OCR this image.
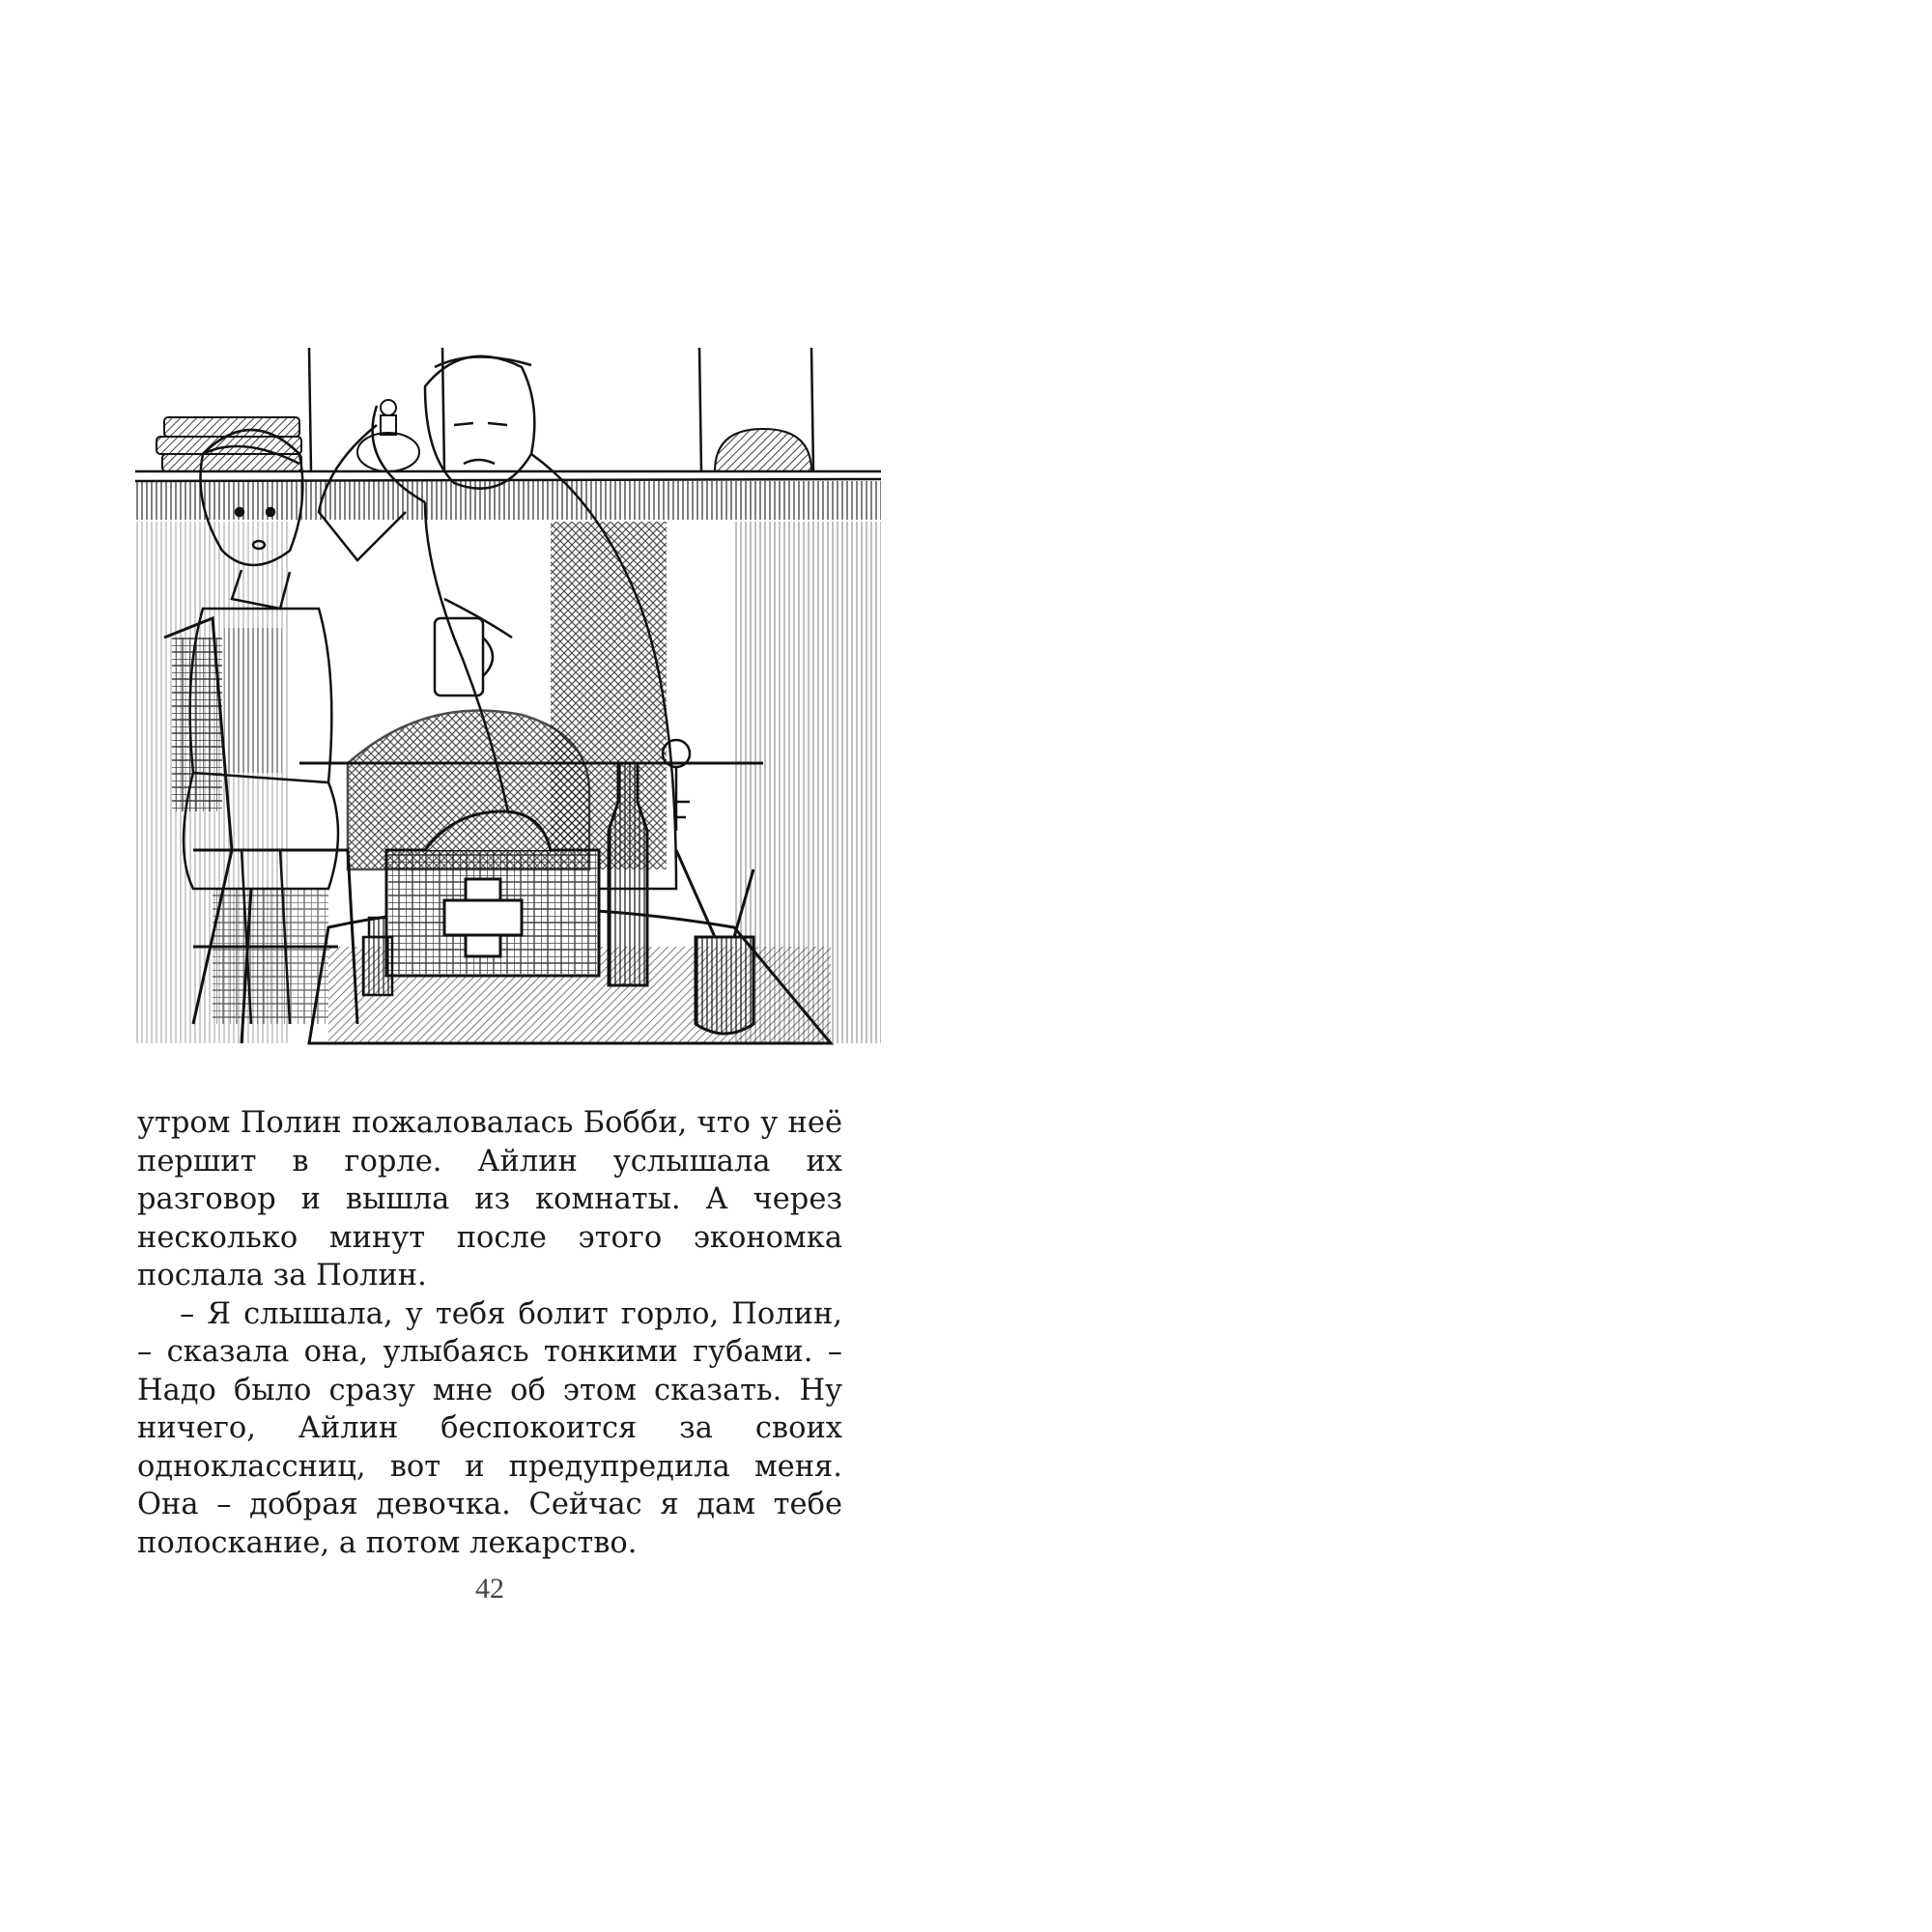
утром Полин пожаловалась Бобби, что у неё першит в горле. Айлин услышала их разговор и вышла из комнаты. А через несколько минут после этого экономка послала за Полин.

– Я слышала, у тебя болит горло, Полин, – сказала она, улыбаясь тонкими губами. – Надо было сразу мне об этом сказать. Ну ничего, Айлин беспокоится за своих одноклассниц, вот и предупредила меня. Она – добрая девочка. Сейчас я дам тебе полоскание, а потом лекарство.

42
